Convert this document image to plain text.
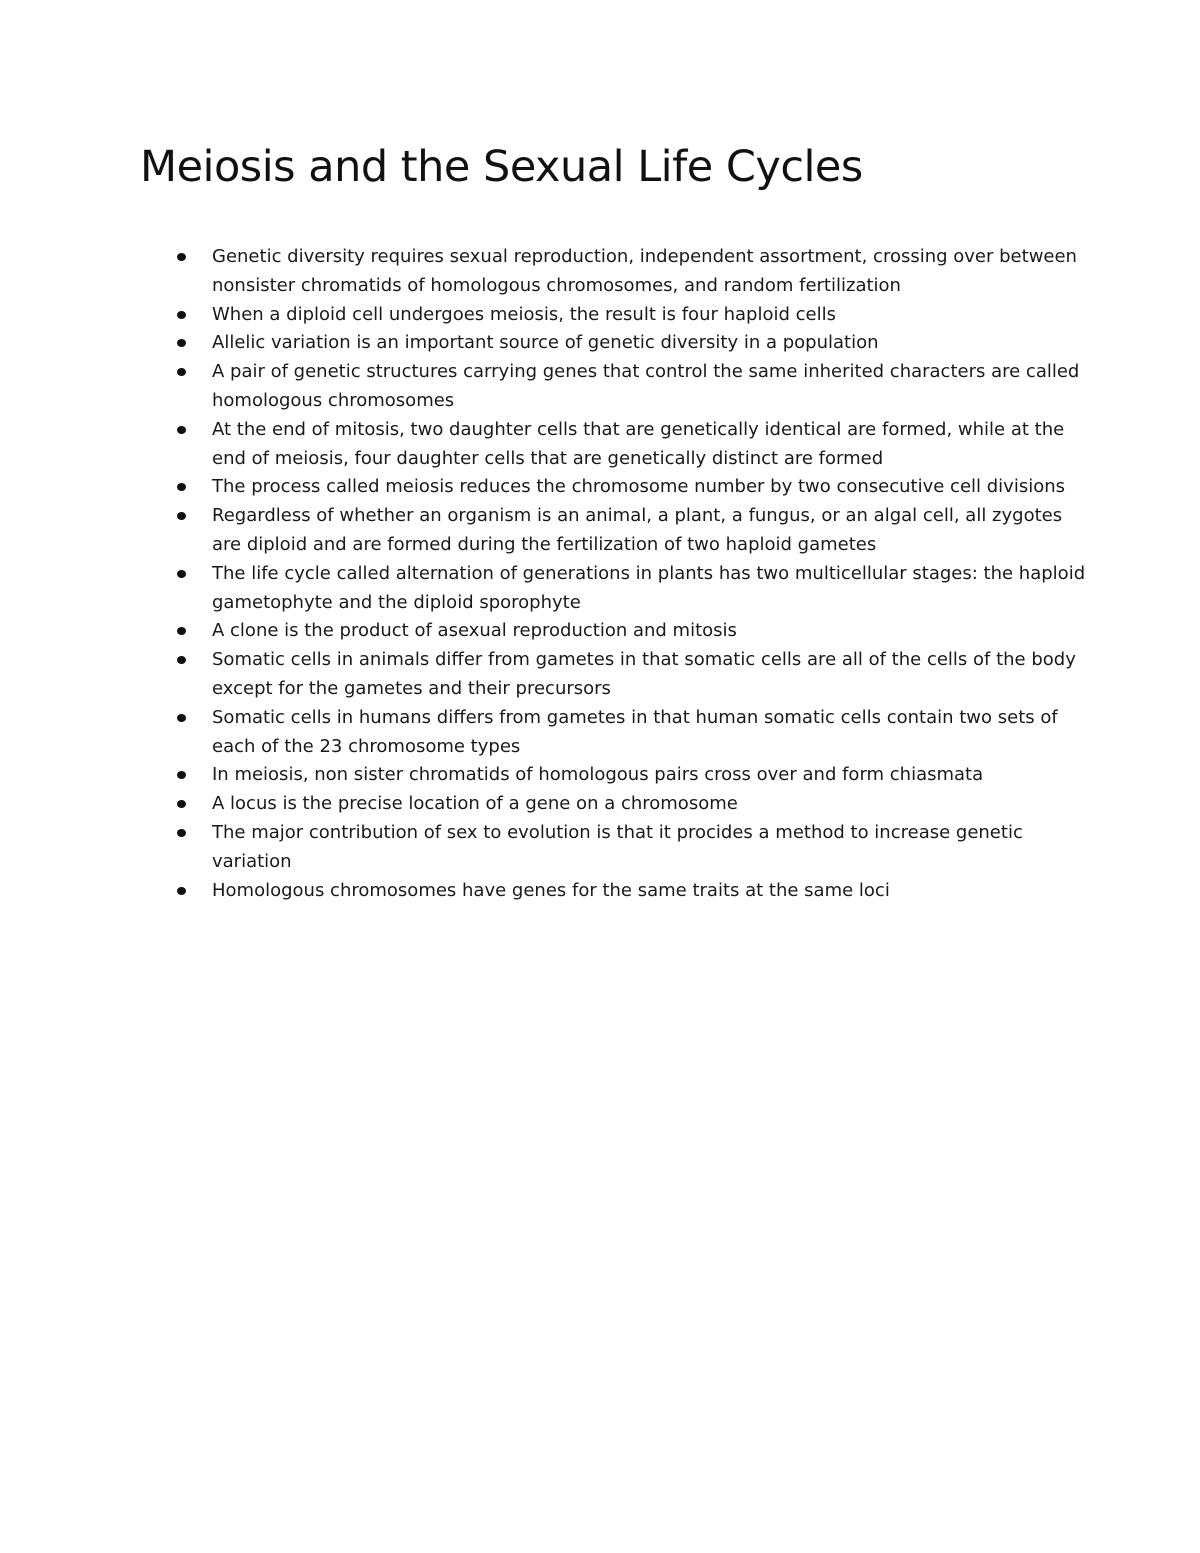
Meiosis and the Sexual Life Cycles
Genetic diversity requires sexual reproduction, independent assortment, crossing over between nonsister chromatids of homologous chromosomes, and random fertilization
When a diploid cell undergoes meiosis, the result is four haploid cells
Allelic variation is an important source of genetic diversity in a population
A pair of genetic structures carrying genes that control the same inherited characters are called homologous chromosomes
At the end of mitosis, two daughter cells that are genetically identical are formed, while at the end of meiosis, four daughter cells that are genetically distinct are formed
The process called meiosis reduces the chromosome number by two consecutive cell divisions
Regardless of whether an organism is an animal, a plant, a fungus, or an algal cell, all zygotes are diploid and are formed during the fertilization of two haploid gametes
The life cycle called alternation of generations in plants has two multicellular stages: the haploid gametophyte and the diploid sporophyte
A clone is the product of asexual reproduction and mitosis
Somatic cells in animals differ from gametes in that somatic cells are all of the cells of the body except for the gametes and their precursors
Somatic cells in humans differs from gametes in that human somatic cells contain two sets of each of the 23 chromosome types
In meiosis, non sister chromatids of homologous pairs cross over and form chiasmata
A locus is the precise location of a gene on a chromosome
The major contribution of sex to evolution is that it procides a method to increase genetic variation
Homologous chromosomes have genes for the same traits at the same loci
